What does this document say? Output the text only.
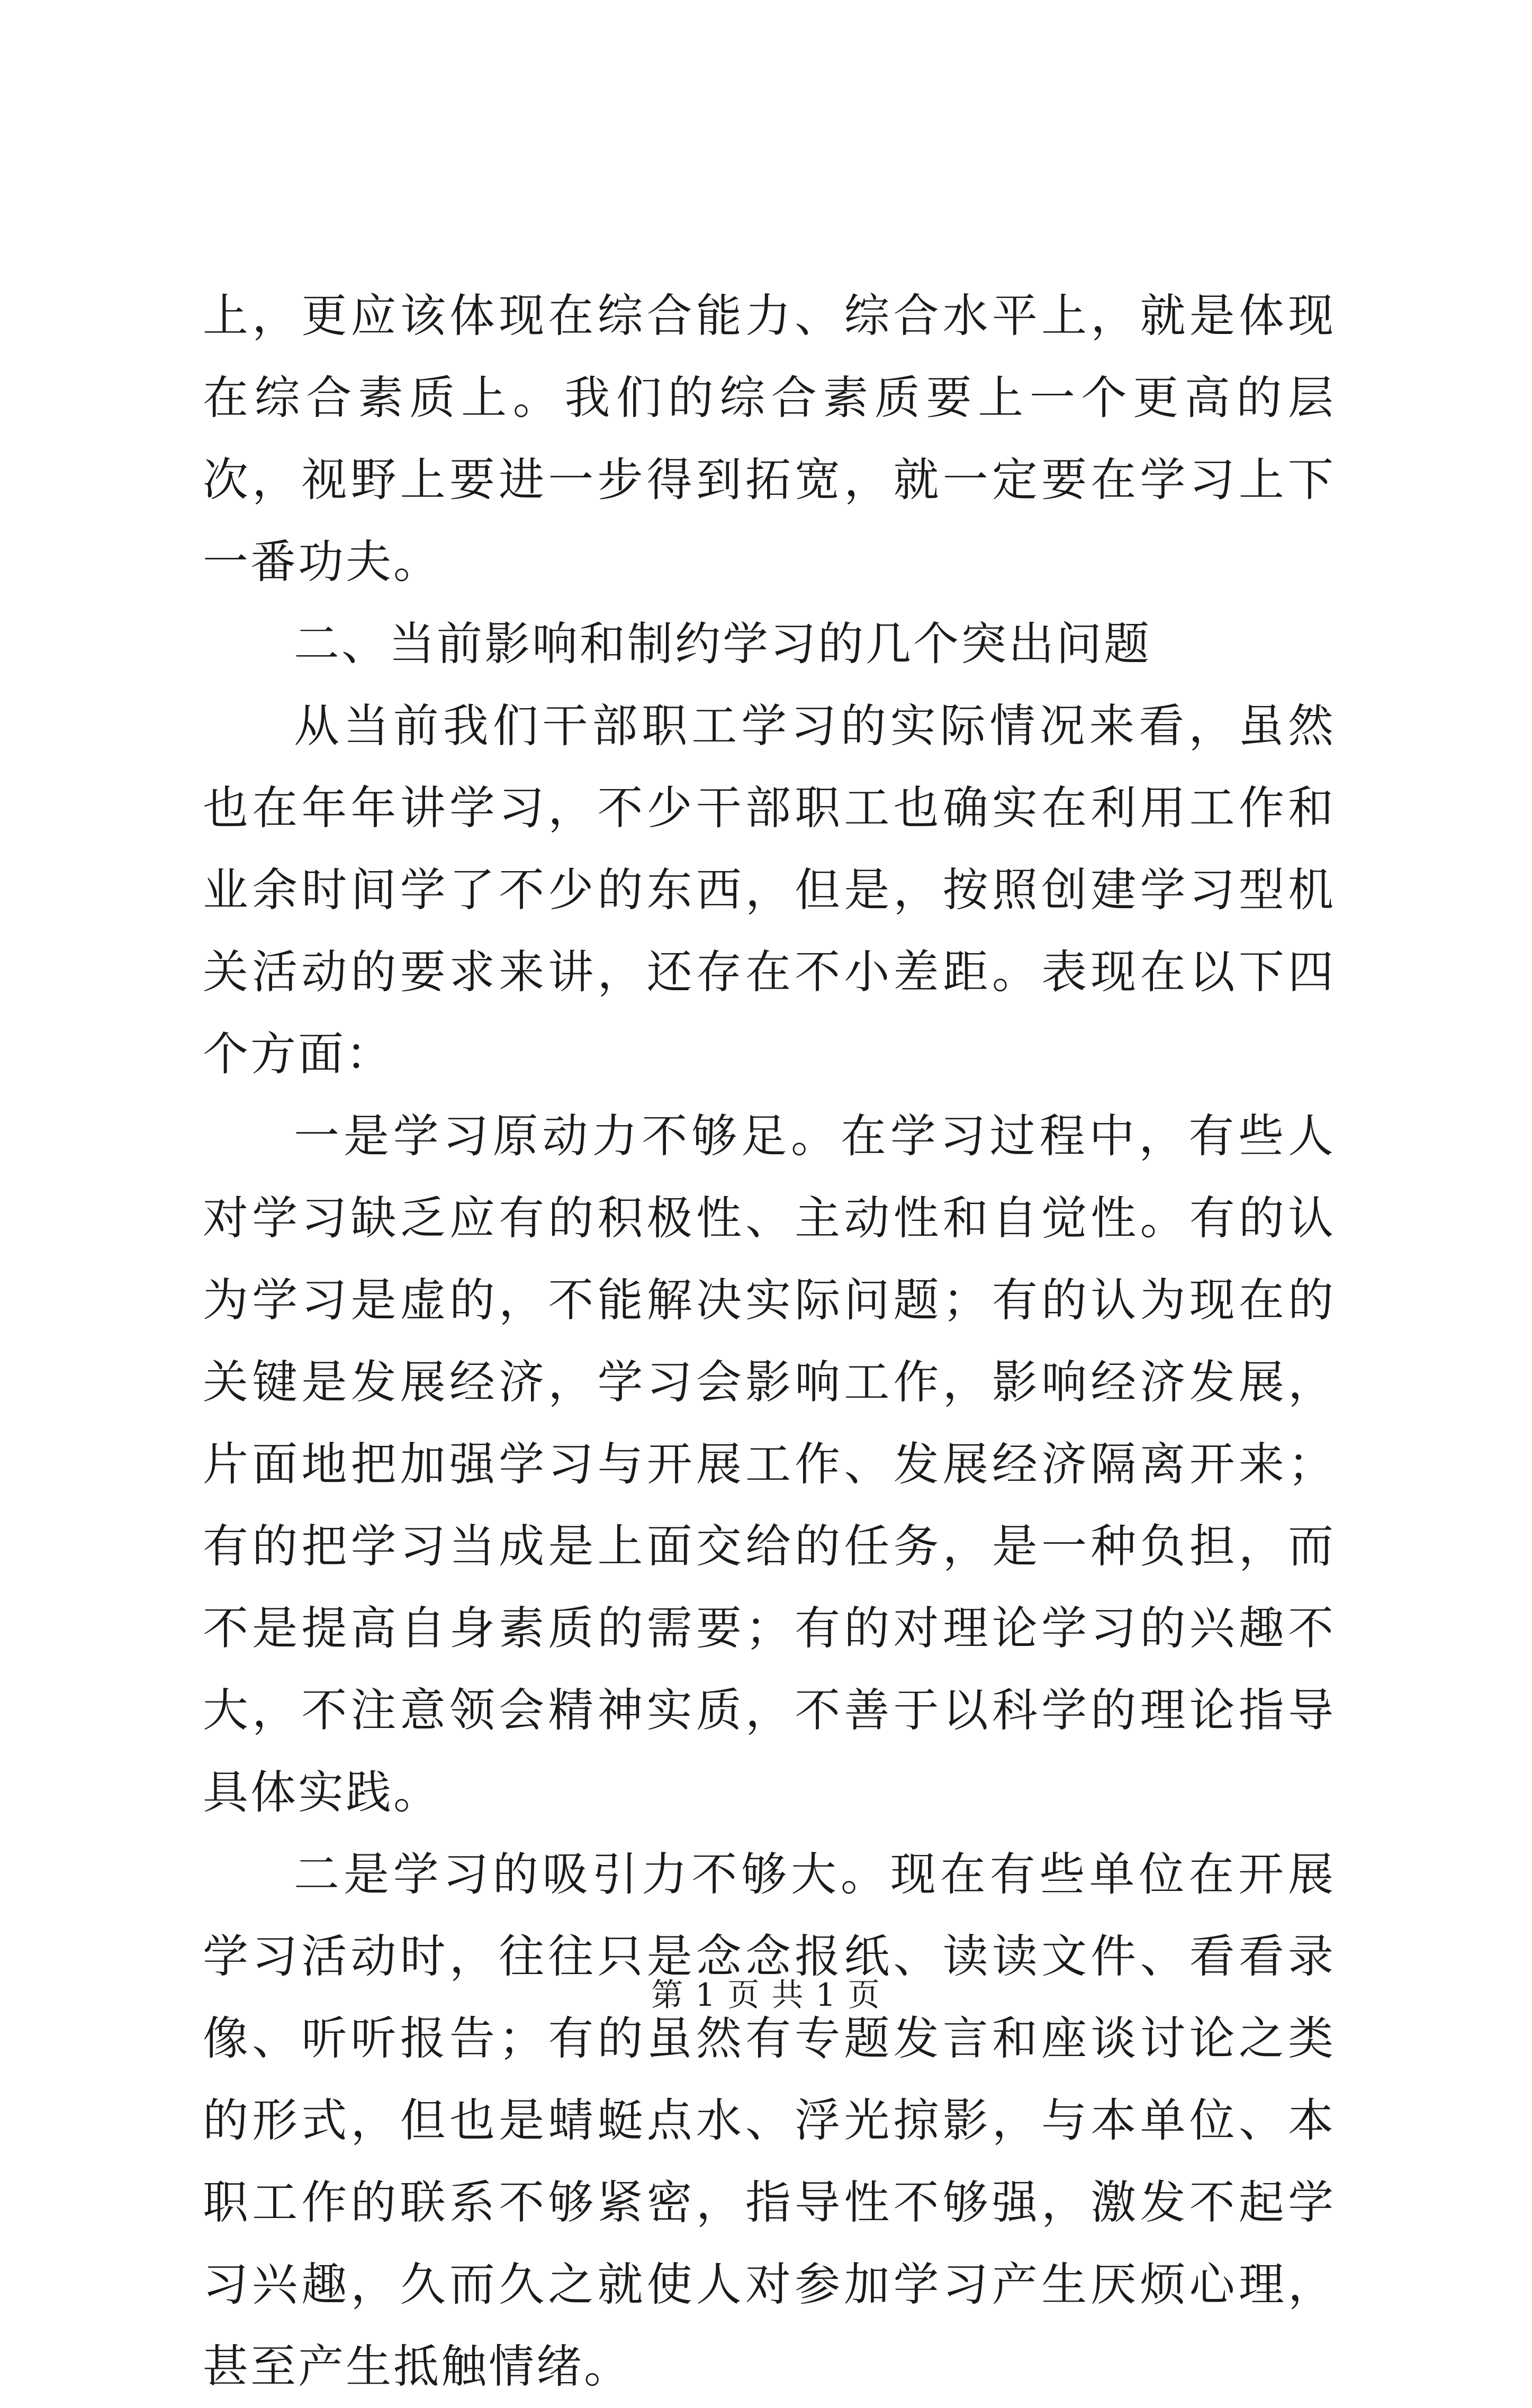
上，更应该体现在综合能力、综合水平上，就是体现在综合素质上。我们的综合素质要上一个更高的层次，视野上要进一步得到拓宽，就一定要在学习上下一番功夫。

二、当前影响和制约学习的几个突出问题

从当前我们干部职工学习的实际情况来看，虽然也在年年讲学习，不少干部职工也确实在利用工作和业余时间学了不少的东西，但是，按照创建学习型机关活动的要求来讲，还存在不小差距。表现在以下四个方面：

一是学习原动力不够足。在学习过程中，有些人对学习缺乏应有的积极性、主动性和自觉性。有的认为学习是虚的，不能解决实际问题；有的认为现在的关键是发展经济，学习会影响工作，影响经济发展，片面地把加强学习与开展工作、发展经济隔离开来；有的把学习当成是上面交给的任务，是一种负担，而不是提高自身素质的需要；有的对理论学习的兴趣不大，不注意领会精神实质，不善于以科学的理论指导具体实践。

二是学习的吸引力不够大。现在有些单位在开展学习活动时，往往只是念念报纸、读读文件、看看录像、听听报告；有的虽然有专题发言和座谈讨论之类的形式，但也是蜻蜓点水、浮光掠影，与本单位、本职工作的联系不够紧密，指导性不够强，激发不起学习兴趣，久而久之就使人对参加学习产生厌烦心理，甚至产生抵触情绪。

第 1 页 共 1 页
